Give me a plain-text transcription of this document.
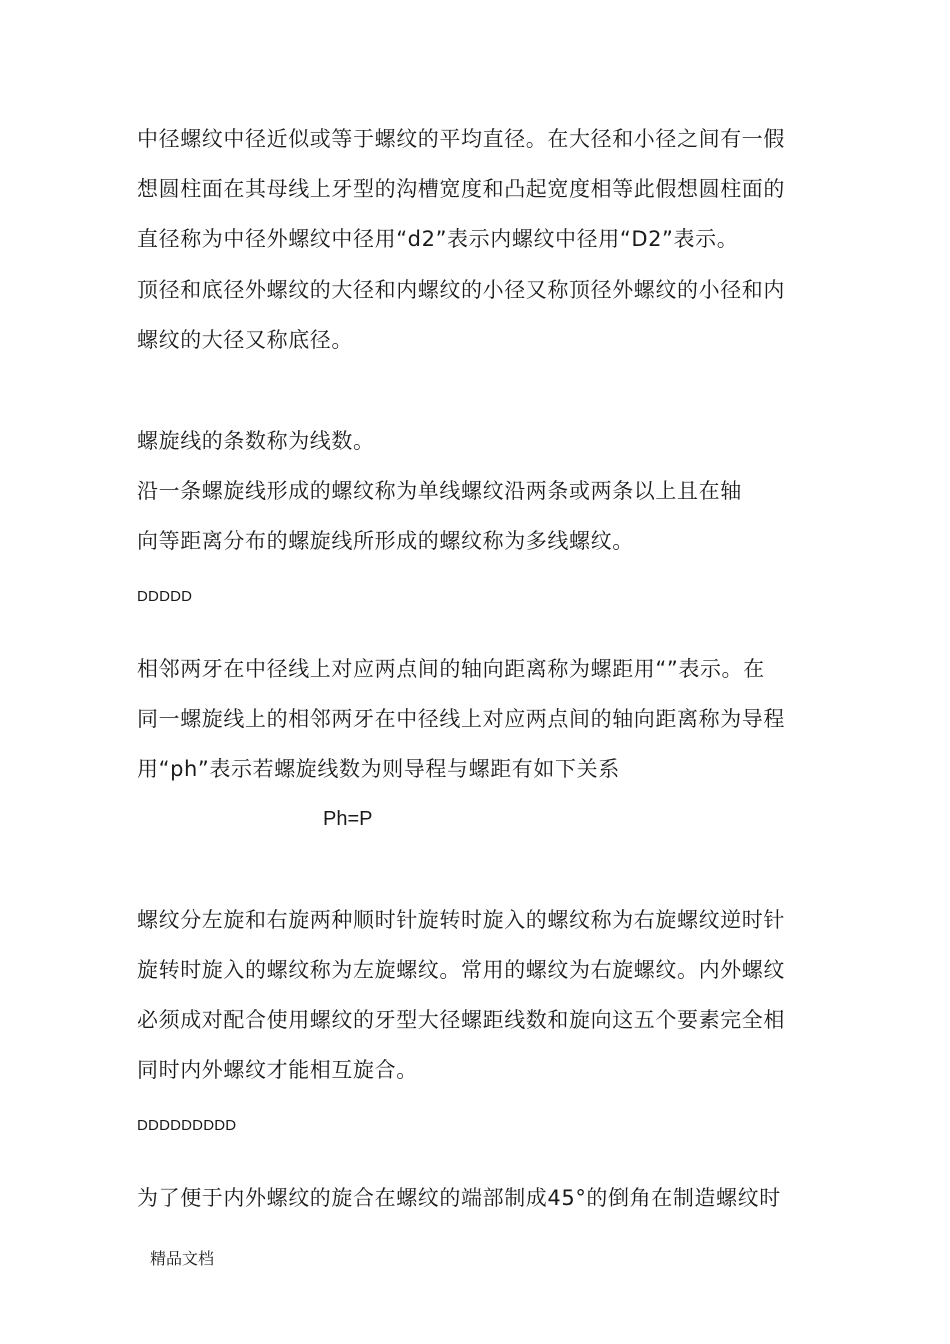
中径螺纹中径近似或等于螺纹的平均直径。在大径和小径之间有一假
想圆柱面在其母线上牙型的沟槽宽度和凸起宽度相等此假想圆柱面的
直径称为中径外螺纹中径用“d2”表示内螺纹中径用“D2”表示。
顶径和底径外螺纹的大径和内螺纹的小径又称顶径外螺纹的小径和内
螺纹的大径又称底径。
螺旋线的条数称为线数。
沿一条螺旋线形成的螺纹称为单线螺纹沿两条或两条以上且在轴
向等距离分布的螺旋线所形成的螺纹称为多线螺纹。
DDDDD
相邻两牙在中径线上对应两点间的轴向距离称为螺距用“”表示。在
同一螺旋线上的相邻两牙在中径线上对应两点间的轴向距离称为导程
用“ph”表示若螺旋线数为则导程与螺距有如下关系
Ph=P
螺纹分左旋和右旋两种顺时针旋转时旋入的螺纹称为右旋螺纹逆时针
旋转时旋入的螺纹称为左旋螺纹。常用的螺纹为右旋螺纹。内外螺纹
必须成对配合使用螺纹的牙型大径螺距线数和旋向这五个要素完全相
同时内外螺纹才能相互旋合。
DDDDDDDDD
为了便于内外螺纹的旋合在螺纹的端部制成45°的倒角在制造螺纹时
精品文档
